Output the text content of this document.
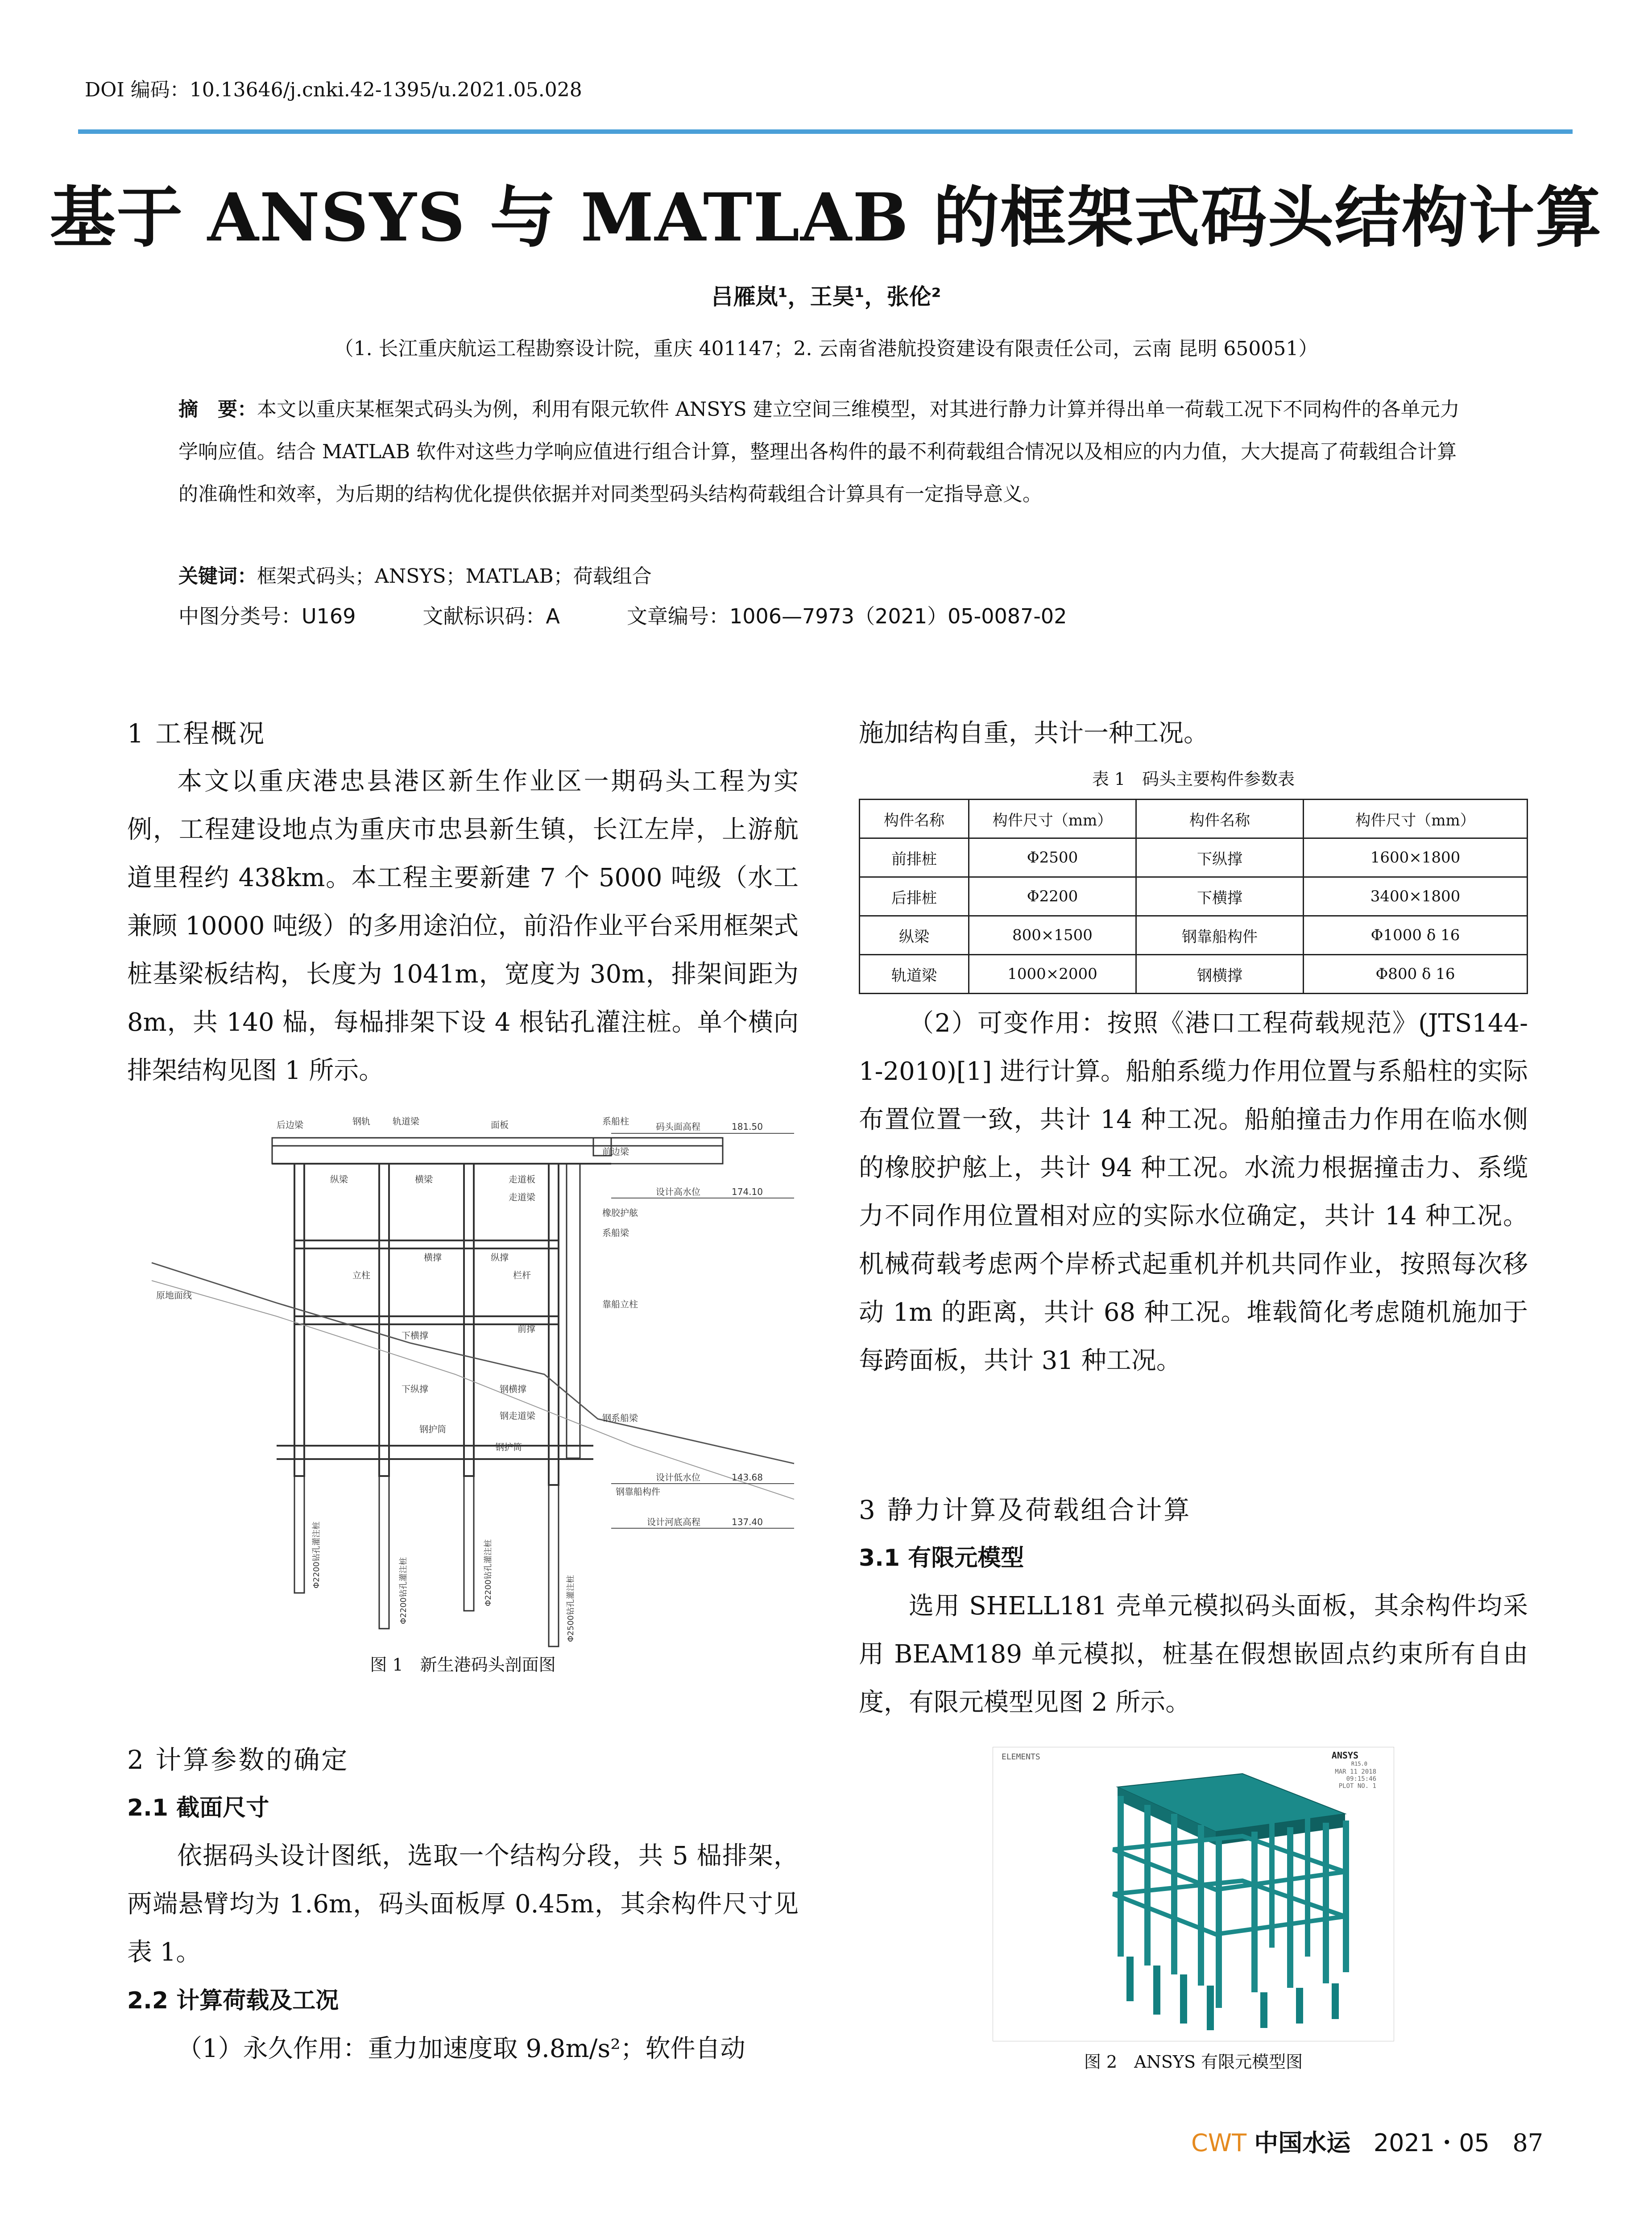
DOI 编码：10.13646/j.cnki.42-1395/u.2021.05.028
基于 ANSYS 与 MATLAB 的框架式码头结构计算
吕雁岚¹，王昊¹，张伦²
（1. 长江重庆航运工程勘察设计院，重庆 401147；2. 云南省港航投资建设有限责任公司，云南 昆明 650051）
摘　要：本文以重庆某框架式码头为例，利用有限元软件 ANSYS 建立空间三维模型，对其进行静力计算并得出单一荷载工况下不同构件的各单元力学响应值。结合 MATLAB 软件对这些力学响应值进行组合计算，整理出各构件的最不利荷载组合情况以及相应的内力值，大大提高了荷载组合计算的准确性和效率，为后期的结构优化提供依据并对同类型码头结构荷载组合计算具有一定指导意义。
关键词：框架式码头；ANSYS；MATLAB；荷载组合
中图分类号：U169	文献标识码：A	文章编号：1006—7973（2021）05-0087-02
1 工程概况

本文以重庆港忠县港区新生作业区一期码头工程为实例，工程建设地点为重庆市忠县新生镇，长江左岸，上游航道里程约 438km。本工程主要新建 7 个 5000 吨级（水工兼顾 10000 吨级）的多用途泊位，前沿作业平台采用框架式桩基梁板结构，长度为 1041m，宽度为 30m，排架间距为 8m，共 140 榀，每榀排架下设 4 根钻孔灌注桩。单个横向排架结构见图 1 所示。

后边梁	钢轨	轨道梁	面板	系船柱	码头面高程	181.50
前边梁
纵梁	横梁	走道板
设计高水位	174.10
走道梁
橡胶护舷
系船梁
横撑	纵撑
立柱	栏杆
靠船立柱
原地面线
前撑
下横撑
下纵撑	钢横撑
钢走道梁	钢系船梁
钢护筒
钢护筒
设计低水位	143.68
钢靠船构件
设计河底高程	137.40
Φ2200钻孔灌注桩
Φ2200钻孔灌注桩	Φ2200钻孔灌注桩
Φ2500钻孔灌注桩
图 1　新生港码头剖面图
2 计算参数的确定
2.1 截面尺寸

依据码头设计图纸，选取一个结构分段，共 5 榀排架，两端悬臂均为 1.6m，码头面板厚 0.45m，其余构件尺寸见表 1。

2.2 计算荷载及工况

（1）永久作用：重力加速度取 9.8m/s²；软件自动

施加结构自重，共计一种工况。

表 1　码头主要构件参数表
构件名称	构件尺寸（mm）	构件名称	构件尺寸（mm）
前排桩	Φ2500	下纵撑	1600×1800
后排桩	Φ2200	下横撑	3400×1800
纵梁	800×1500	钢靠船构件	Φ1000 δ 16
轨道梁	1000×2000	钢横撑	Φ800 δ 16

（2）可变作用：按照《港口工程荷载规范》(JTS144-1-2010)[1] 进行计算。船舶系缆力作用位置与系船柱的实际布置位置一致，共计 14 种工况。船舶撞击力作用在临水侧的橡胶护舷上，共计 94 种工况。水流力根据撞击力、系缆力不同作用位置相对应的实际水位确定，共计 14 种工况。机械荷载考虑两个岸桥式起重机并机共同作业，按照每次移动 1m 的距离，共计 68 种工况。堆载简化考虑随机施加于每跨面板，共计 31 种工况。

3 静力计算及荷载组合计算
3.1 有限元模型

选用 SHELL181 壳单元模拟码头面板，其余构件均采用 BEAM189 单元模拟，桩基在假想嵌固点约束所有自由度，有限元模型见图 2 所示。

ELEMENTS	ANSYS
R15.0
MAR 11 2018
09:15:46
PLOT NO. 1
图 2　ANSYS 有限元模型图
CWT 中国水运 2021・05 87
